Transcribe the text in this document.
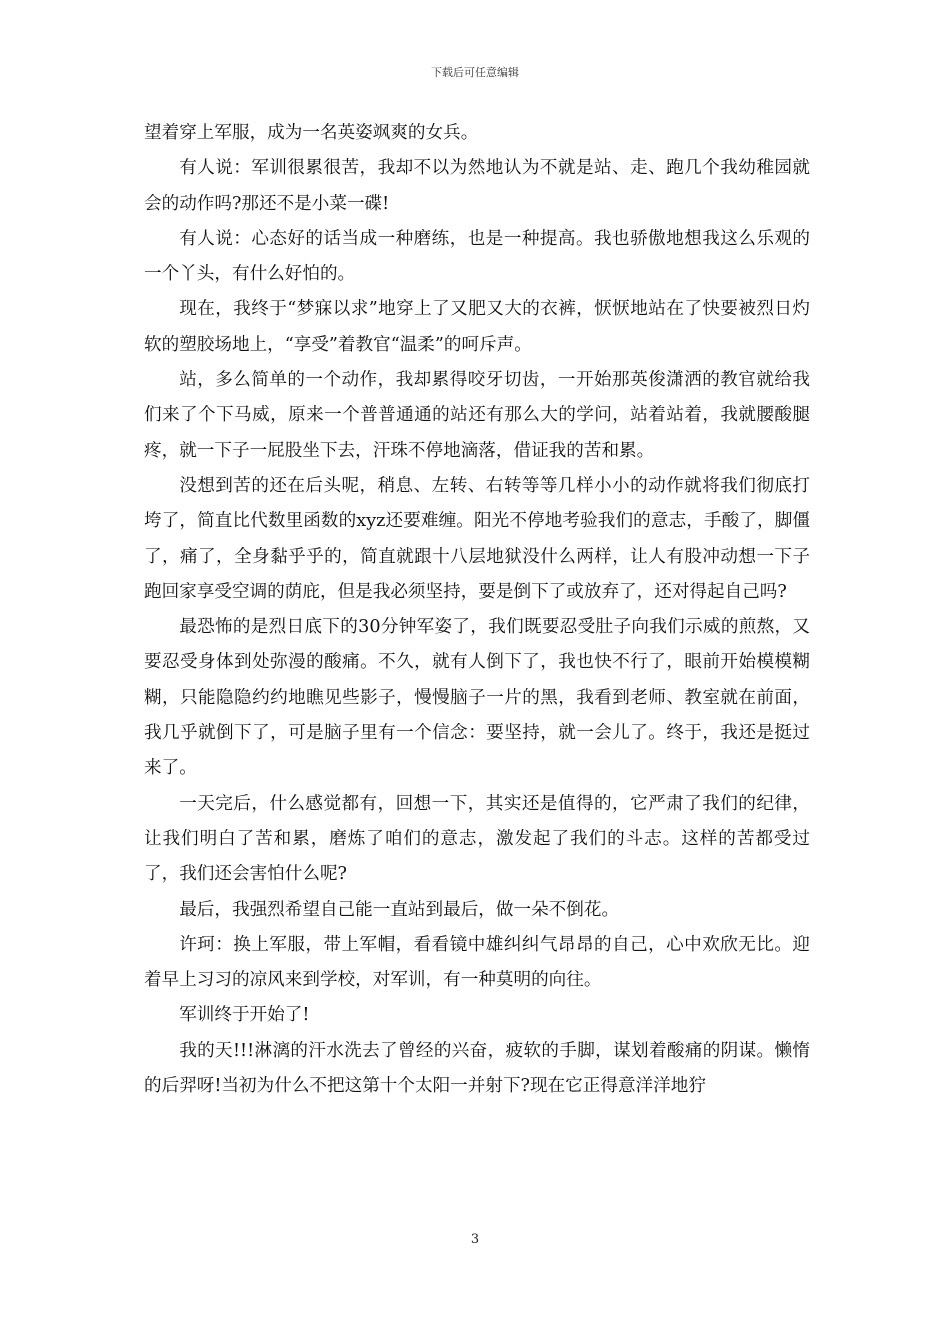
下载后可任意编辑

望着穿上军服，成为一名英姿飒爽的女兵。

有人说：军训很累很苦，我却不以为然地认为不就是站、走、跑几个我幼稚园就会的动作吗?那还不是小菜一碟!

有人说：心态好的话当成一种磨练，也是一种提高。我也骄傲地想我这么乐观的一个丫头，有什么好怕的。

现在，我终于“梦寐以求”地穿上了又肥又大的衣裤，恹恹地站在了快要被烈日灼软的塑胶场地上，“享受”着教官“温柔”的呵斥声。

站，多么简单的一个动作，我却累得咬牙切齿，一开始那英俊潇洒的教官就给我们来了个下马威，原来一个普普通通的站还有那么大的学问，站着站着，我就腰酸腿疼，就一下子一屁股坐下去，汗珠不停地滴落，借证我的苦和累。

没想到苦的还在后头呢，稍息、左转、右转等等几样小小的动作就将我们彻底打垮了，简直比代数里函数的xyz还要难缠。阳光不停地考验我们的意志，手酸了，脚僵了，痛了，全身黏乎乎的，简直就跟十八层地狱没什么两样，让人有股冲动想一下子跑回家享受空调的荫庇，但是我必须坚持，要是倒下了或放弃了，还对得起自己吗?

最恐怖的是烈日底下的30分钟军姿了，我们既要忍受肚子向我们示威的煎熬，又要忍受身体到处弥漫的酸痛。不久，就有人倒下了，我也快不行了，眼前开始模模糊糊，只能隐隐约约地瞧见些影子，慢慢脑子一片的黑，我看到老师、教室就在前面，我几乎就倒下了，可是脑子里有一个信念：要坚持，就一会儿了。终于，我还是挺过来了。

一天完后，什么感觉都有，回想一下，其实还是值得的，它严肃了我们的纪律，让我们明白了苦和累，磨炼了咱们的意志，激发起了我们的斗志。这样的苦都受过了，我们还会害怕什么呢?

最后，我强烈希望自己能一直站到最后，做一朵不倒花。

许珂：换上军服，带上军帽，看看镜中雄纠纠气昂昂的自己，心中欢欣无比。迎着早上习习的凉风来到学校，对军训，有一种莫明的向往。

军训终于开始了!

我的天!!!淋漓的汗水洗去了曾经的兴奋，疲软的手脚，谋划着酸痛的阴谋。懒惰的后羿呀!当初为什么不把这第十个太阳一并射下?现在它正得意洋洋地狞

3
